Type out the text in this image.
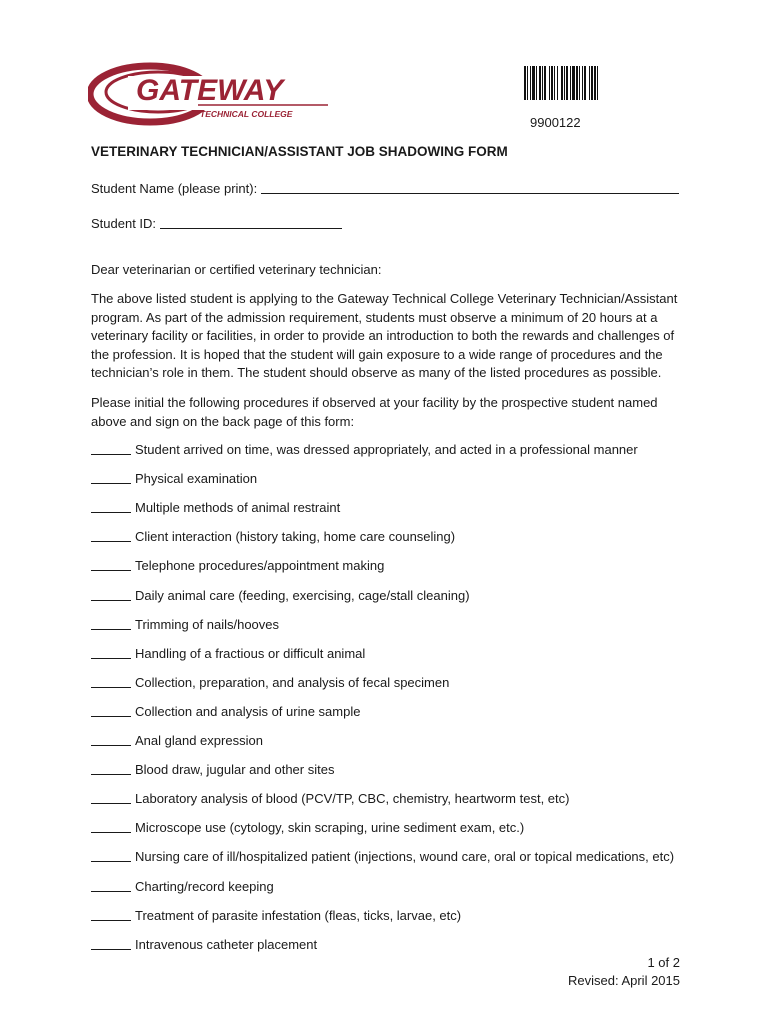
GATEWAY
TECHNICAL COLLEGE
9900122
VETERINARY TECHNICIAN/ASSISTANT JOB SHADOWING FORM
Student Name (please print):
Student ID:
Dear veterinarian or certified veterinary technician:

The above listed student is applying to the Gateway Technical College Veterinary Technician/Assistant program. As part of the admission requirement, students must observe a minimum of 20 hours at a veterinary facility or facilities, in order to provide an introduction to both the rewards and challenges of the profession. It is hoped that the student will gain exposure to a wide range of procedures and the technician’s role in them. The student should observe as many of the listed procedures as possible.

Please initial the following procedures if observed at your facility by the prospective student named above and sign on the back page of this form:

Student arrived on time, was dressed appropriately, and acted in a professional manner
Physical examination
Multiple methods of animal restraint
Client interaction (history taking, home care counseling)
Telephone procedures/appointment making
Daily animal care (feeding, exercising, cage/stall cleaning)
Trimming of nails/hooves
Handling of a fractious or difficult animal
Collection, preparation, and analysis of fecal specimen
Collection and analysis of urine sample
Anal gland expression
Blood draw, jugular and other sites
Laboratory analysis of blood (PCV/TP, CBC, chemistry, heartworm test, etc)
Microscope use (cytology, skin scraping, urine sediment exam, etc.)
Nursing care of ill/hospitalized patient (injections, wound care, oral or topical medications, etc)
Charting/record keeping
Treatment of parasite infestation (fleas, ticks, larvae, etc)
Intravenous catheter placement
1 of 2
Revised: April 2015
